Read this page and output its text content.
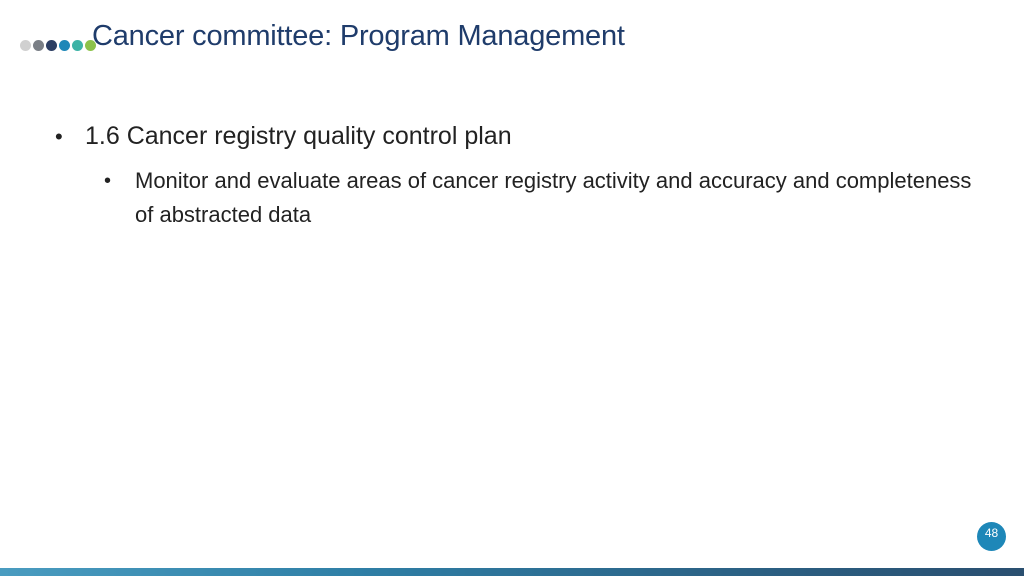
Cancer committee: Program Management
• 1.6 Cancer registry quality control plan
•	Monitor and evaluate areas of cancer registry activity and accuracy and completeness of abstracted data
48
